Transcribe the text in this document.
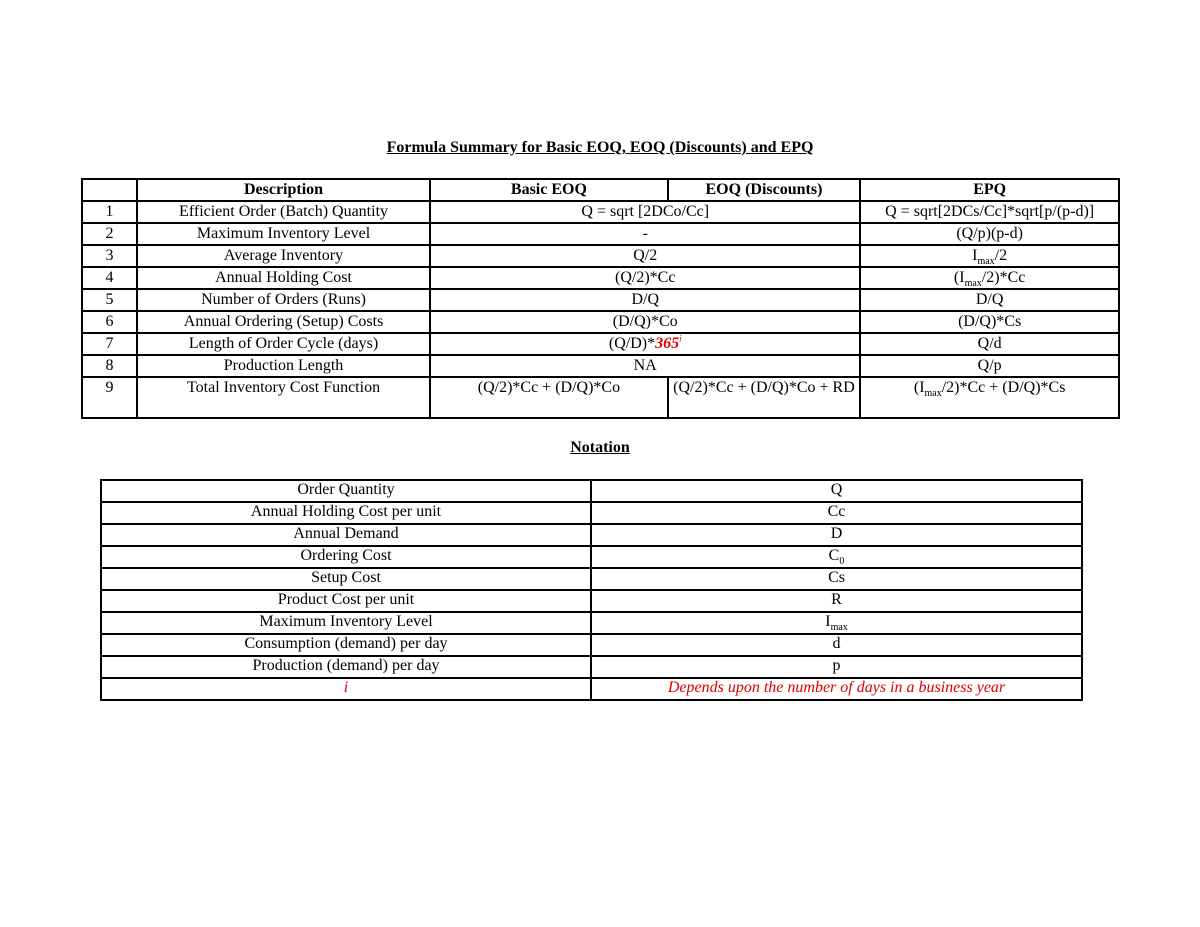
Formula Summary for Basic EOQ, EOQ (Discounts) and EPQ
	Description	Basic EOQ	EOQ (Discounts)	EPQ
1	Efficient Order (Batch) Quantity	Q = sqrt [2DCo/Cc]		Q = sqrt[2DCs/Cc]*sqrt[p/(p-d)]
2	Maximum Inventory Level	-		(Q/p)(p-d)
3	Average Inventory	Q/2		$I_{max}/2$
4	Annual Holding Cost	(Q/2)*Cc		$(I_{max}/2)*Cc$
5	Number of Orders (Runs)	D/Q		D/Q
6	Annual Ordering (Setup) Costs	(D/Q)*Co		(D/Q)*Cs
7	Length of Order Cycle (days)	(Q/D)*365$^i$		Q/d
8	Production Length	NA		Q/p
9	Total Inventory Cost Function	(Q/2)*Cc + (D/Q)*Co	(Q/2)*Cc + (D/Q)*Co + RD	$(I_{max}/2)*Cc + (D/Q)*Cs$
Notation
Order Quantity	Q
Annual Holding Cost per unit	Cc
Annual Demand	D
Ordering Cost	$C_0$
Setup Cost	Cs
Product Cost per unit	R
Maximum Inventory Level	$I_{max}$
Consumption (demand) per day	d
Production (demand) per day	p
i	Depends upon the number of days in a business year
